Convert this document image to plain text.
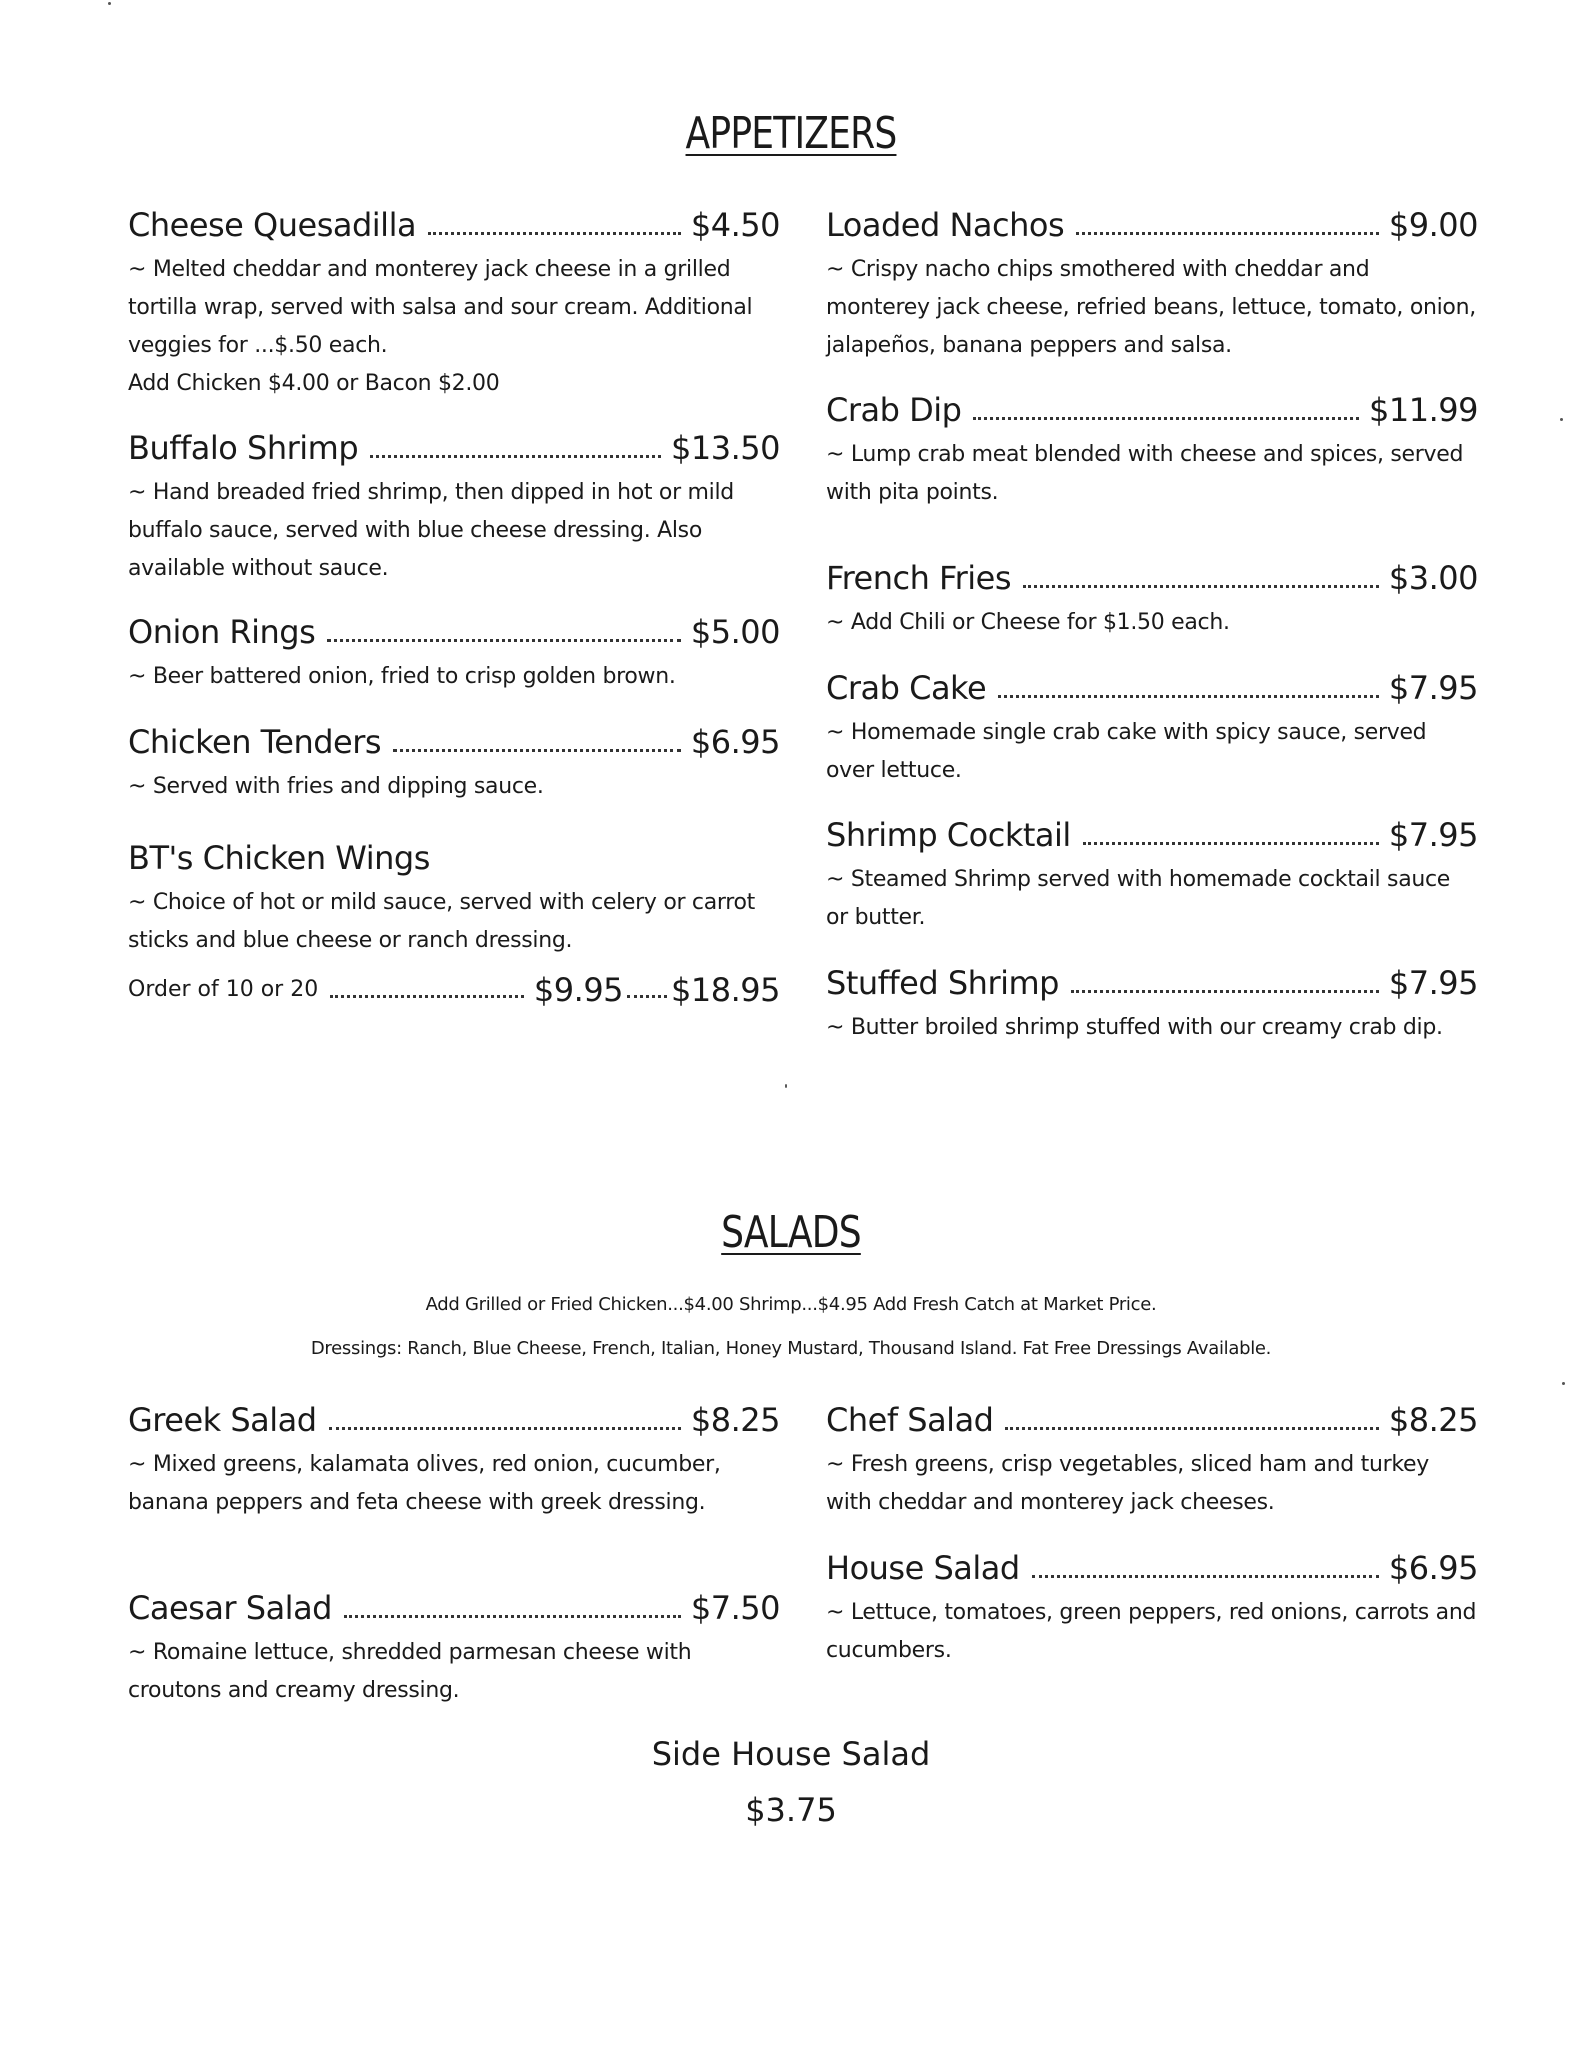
APPETIZERS
Cheese Quesadilla	$4.50
~ Melted cheddar and monterey jack cheese in a grilled tortilla wrap, served with salsa and sour cream. Additional veggies for ...$.50 each.
Add Chicken $4.00 or Bacon $2.00
Buffalo Shrimp	$13.50
~ Hand breaded fried shrimp, then dipped in hot or mild buffalo sauce, served with blue cheese dressing. Also available without sauce.
Onion Rings	$5.00
~ Beer battered onion, fried to crisp golden brown.
Chicken Tenders	$6.95
~ Served with fries and dipping sauce.
BT's Chicken Wings
~ Choice of hot or mild sauce, served with celery or carrot sticks and blue cheese or ranch dressing.
Order of 10 or 20	$9.95 $18.95
Loaded Nachos	$9.00
~ Crispy nacho chips smothered with cheddar and monterey jack cheese, refried beans, lettuce, tomato, onion, jalapeños, banana peppers and salsa.
Crab Dip	$11.99
~ Lump crab meat blended with cheese and spices, served with pita points.
French Fries	$3.00
~ Add Chili or Cheese for $1.50 each.
Crab Cake	$7.95
~ Homemade single crab cake with spicy sauce, served over lettuce.
Shrimp Cocktail	$7.95
~ Steamed Shrimp served with homemade cocktail sauce or butter.
Stuffed Shrimp	$7.95
~ Butter broiled shrimp stuffed with our creamy crab dip.
SALADS
Add Grilled or Fried Chicken...$4.00 Shrimp...$4.95 Add Fresh Catch at Market Price.
Dressings: Ranch, Blue Cheese, French, Italian, Honey Mustard, Thousand Island. Fat Free Dressings Available.
Greek Salad	$8.25
~ Mixed greens, kalamata olives, red onion, cucumber, banana peppers and feta cheese with greek dressing.
Caesar Salad	$7.50
~ Romaine lettuce, shredded parmesan cheese with croutons and creamy dressing.
Chef Salad	$8.25
~ Fresh greens, crisp vegetables, sliced ham and turkey with cheddar and monterey jack cheeses.
House Salad	$6.95
~ Lettuce, tomatoes, green peppers, red onions, carrots and cucumbers.
Side House Salad
$3.75
